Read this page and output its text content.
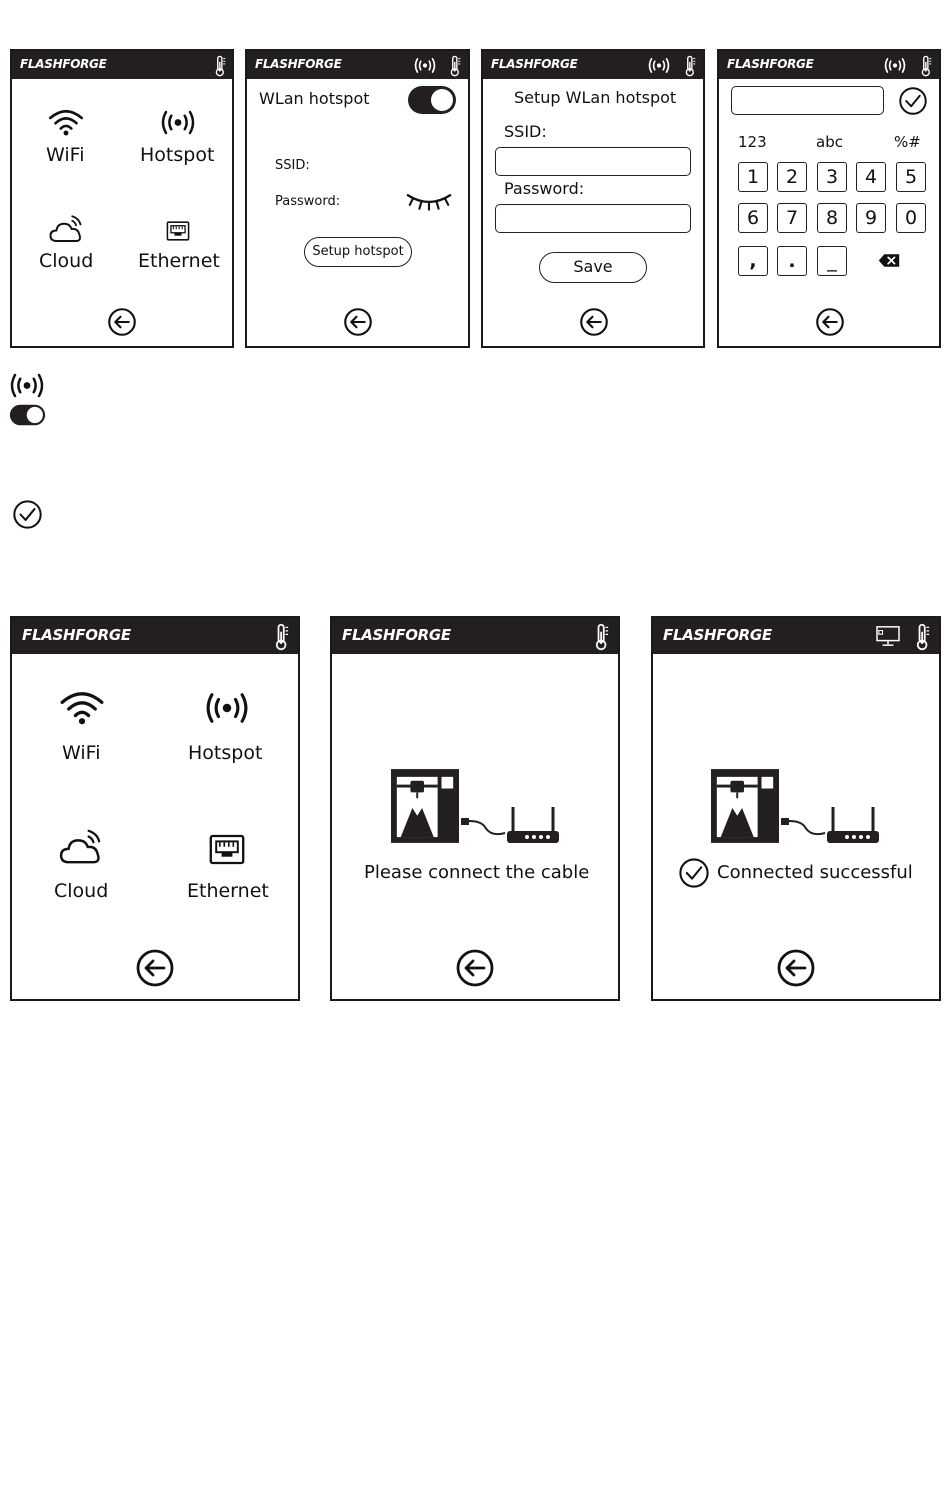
FLASHFORGE
WiFi	Hotspot
Cloud Ethernet
FLASHFORGE
WLan hotspot
SSID:
Password:
Setup hotspot
FLASHFORGE
Setup WLan hotspot
SSID:
Password:
Save
FLASHFORGE
123	abc	%#
1	2	3	4	5
6	7	8	9	0
,	.	_
FLASHFORGE
WiFi	Hotspot
Cloud	Ethernet
FLASHFORGE
Please connect the cable
FLASHFORGE
Connected successful
